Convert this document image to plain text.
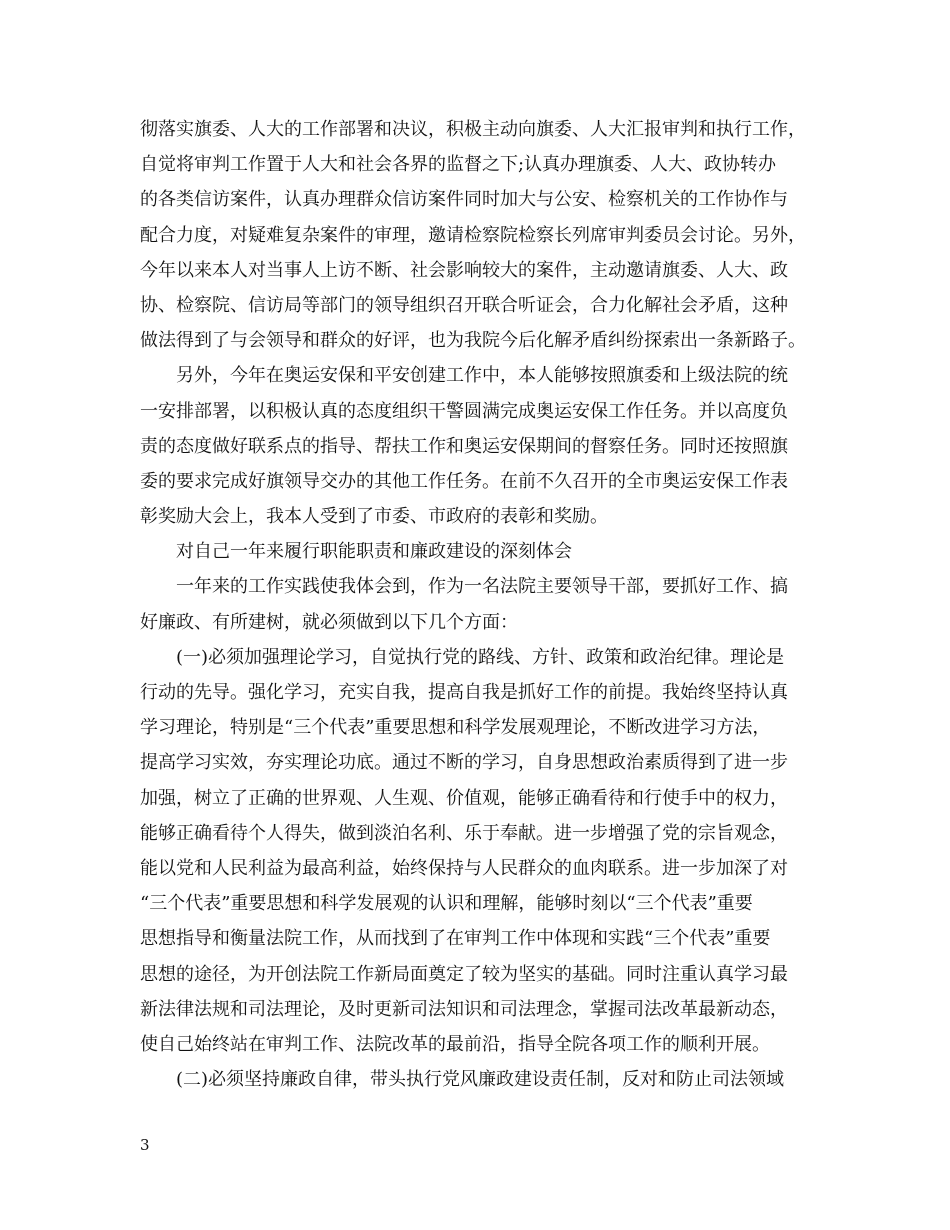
彻落实旗委、人大的工作部署和决议，积极主动向旗委、人大汇报审判和执行工作，
自觉将审判工作置于人大和社会各界的监督之下;认真办理旗委、人大、政协转办
的各类信访案件，认真办理群众信访案件同时加大与公安、检察机关的工作协作与
配合力度，对疑难复杂案件的审理，邀请检察院检察长列席审判委员会讨论。另外，
今年以来本人对当事人上访不断、社会影响较大的案件，主动邀请旗委、人大、政
协、检察院、信访局等部门的领导组织召开联合听证会，合力化解社会矛盾，这种
做法得到了与会领导和群众的好评，也为我院今后化解矛盾纠纷探索出一条新路子。
另外，今年在奥运安保和平安创建工作中，本人能够按照旗委和上级法院的统
一安排部署，以积极认真的态度组织干警圆满完成奥运安保工作任务。并以高度负
责的态度做好联系点的指导、帮扶工作和奥运安保期间的督察任务。同时还按照旗
委的要求完成好旗领导交办的其他工作任务。在前不久召开的全市奥运安保工作表
彰奖励大会上，我本人受到了市委、市政府的表彰和奖励。
对自己一年来履行职能职责和廉政建设的深刻体会
一年来的工作实践使我体会到，作为一名法院主要领导干部，要抓好工作、搞
好廉政、有所建树，就必须做到以下几个方面：
(一)必须加强理论学习，自觉执行党的路线、方针、政策和政治纪律。理论是
行动的先导。强化学习，充实自我，提高自我是抓好工作的前提。我始终坚持认真
学习理论，特别是“三个代表”重要思想和科学发展观理论，不断改进学习方法，
提高学习实效，夯实理论功底。通过不断的学习，自身思想政治素质得到了进一步
加强，树立了正确的世界观、人生观、价值观，能够正确看待和行使手中的权力，
能够正确看待个人得失，做到淡泊名利、乐于奉献。进一步增强了党的宗旨观念，
能以党和人民利益为最高利益，始终保持与人民群众的血肉联系。进一步加深了对
“三个代表”重要思想和科学发展观的认识和理解，能够时刻以“三个代表”重要
思想指导和衡量法院工作，从而找到了在审判工作中体现和实践“三个代表”重要
思想的途径，为开创法院工作新局面奠定了较为坚实的基础。同时注重认真学习最
新法律法规和司法理论，及时更新司法知识和司法理念，掌握司法改革最新动态，
使自己始终站在审判工作、法院改革的最前沿，指导全院各项工作的顺利开展。
(二)必须坚持廉政自律，带头执行党风廉政建设责任制，反对和防止司法领域
3
